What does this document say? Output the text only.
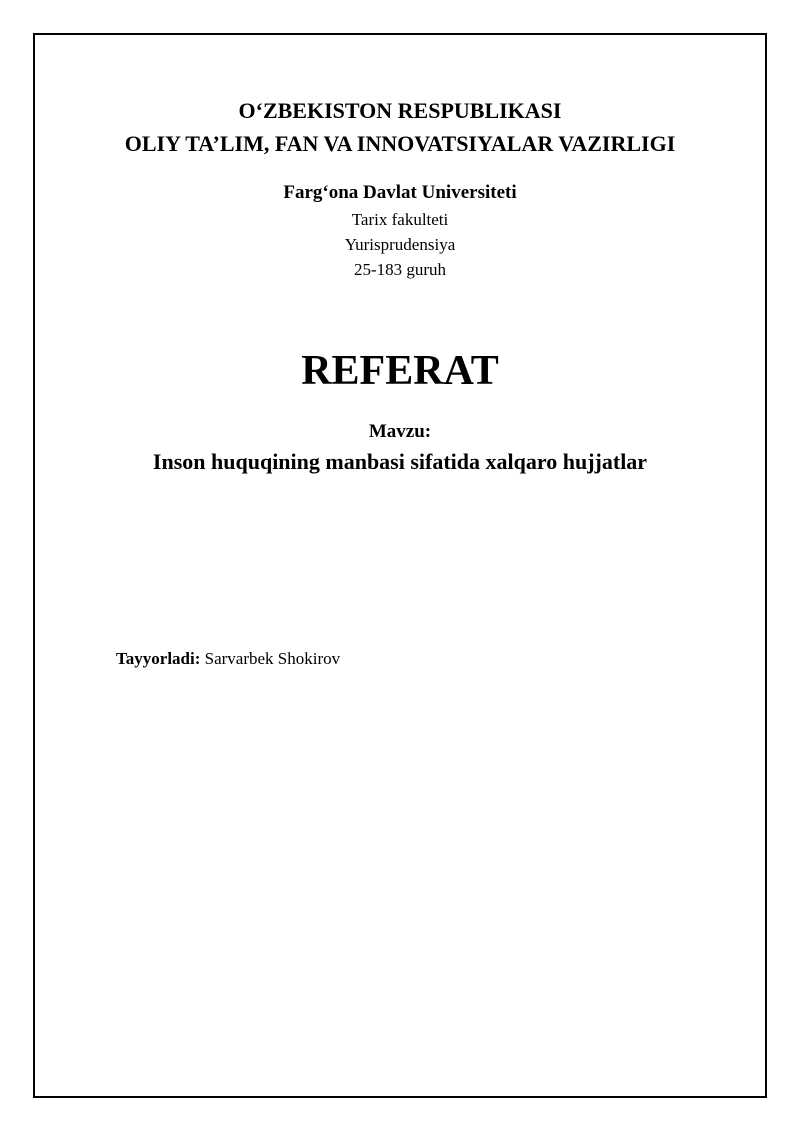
O‘ZBEKISTON RESPUBLIKASI
OLIY TA’LIM, FAN VA INNOVATSIYALAR VAZIRLIGI
Farg‘ona Davlat Universiteti
Tarix fakulteti
Yurisprudensiya
25-183 guruh
REFERAT
Mavzu:
Inson huquqining manbasi sifatida xalqaro hujjatlar
Tayyorladi: Sarvarbek Shokirov
